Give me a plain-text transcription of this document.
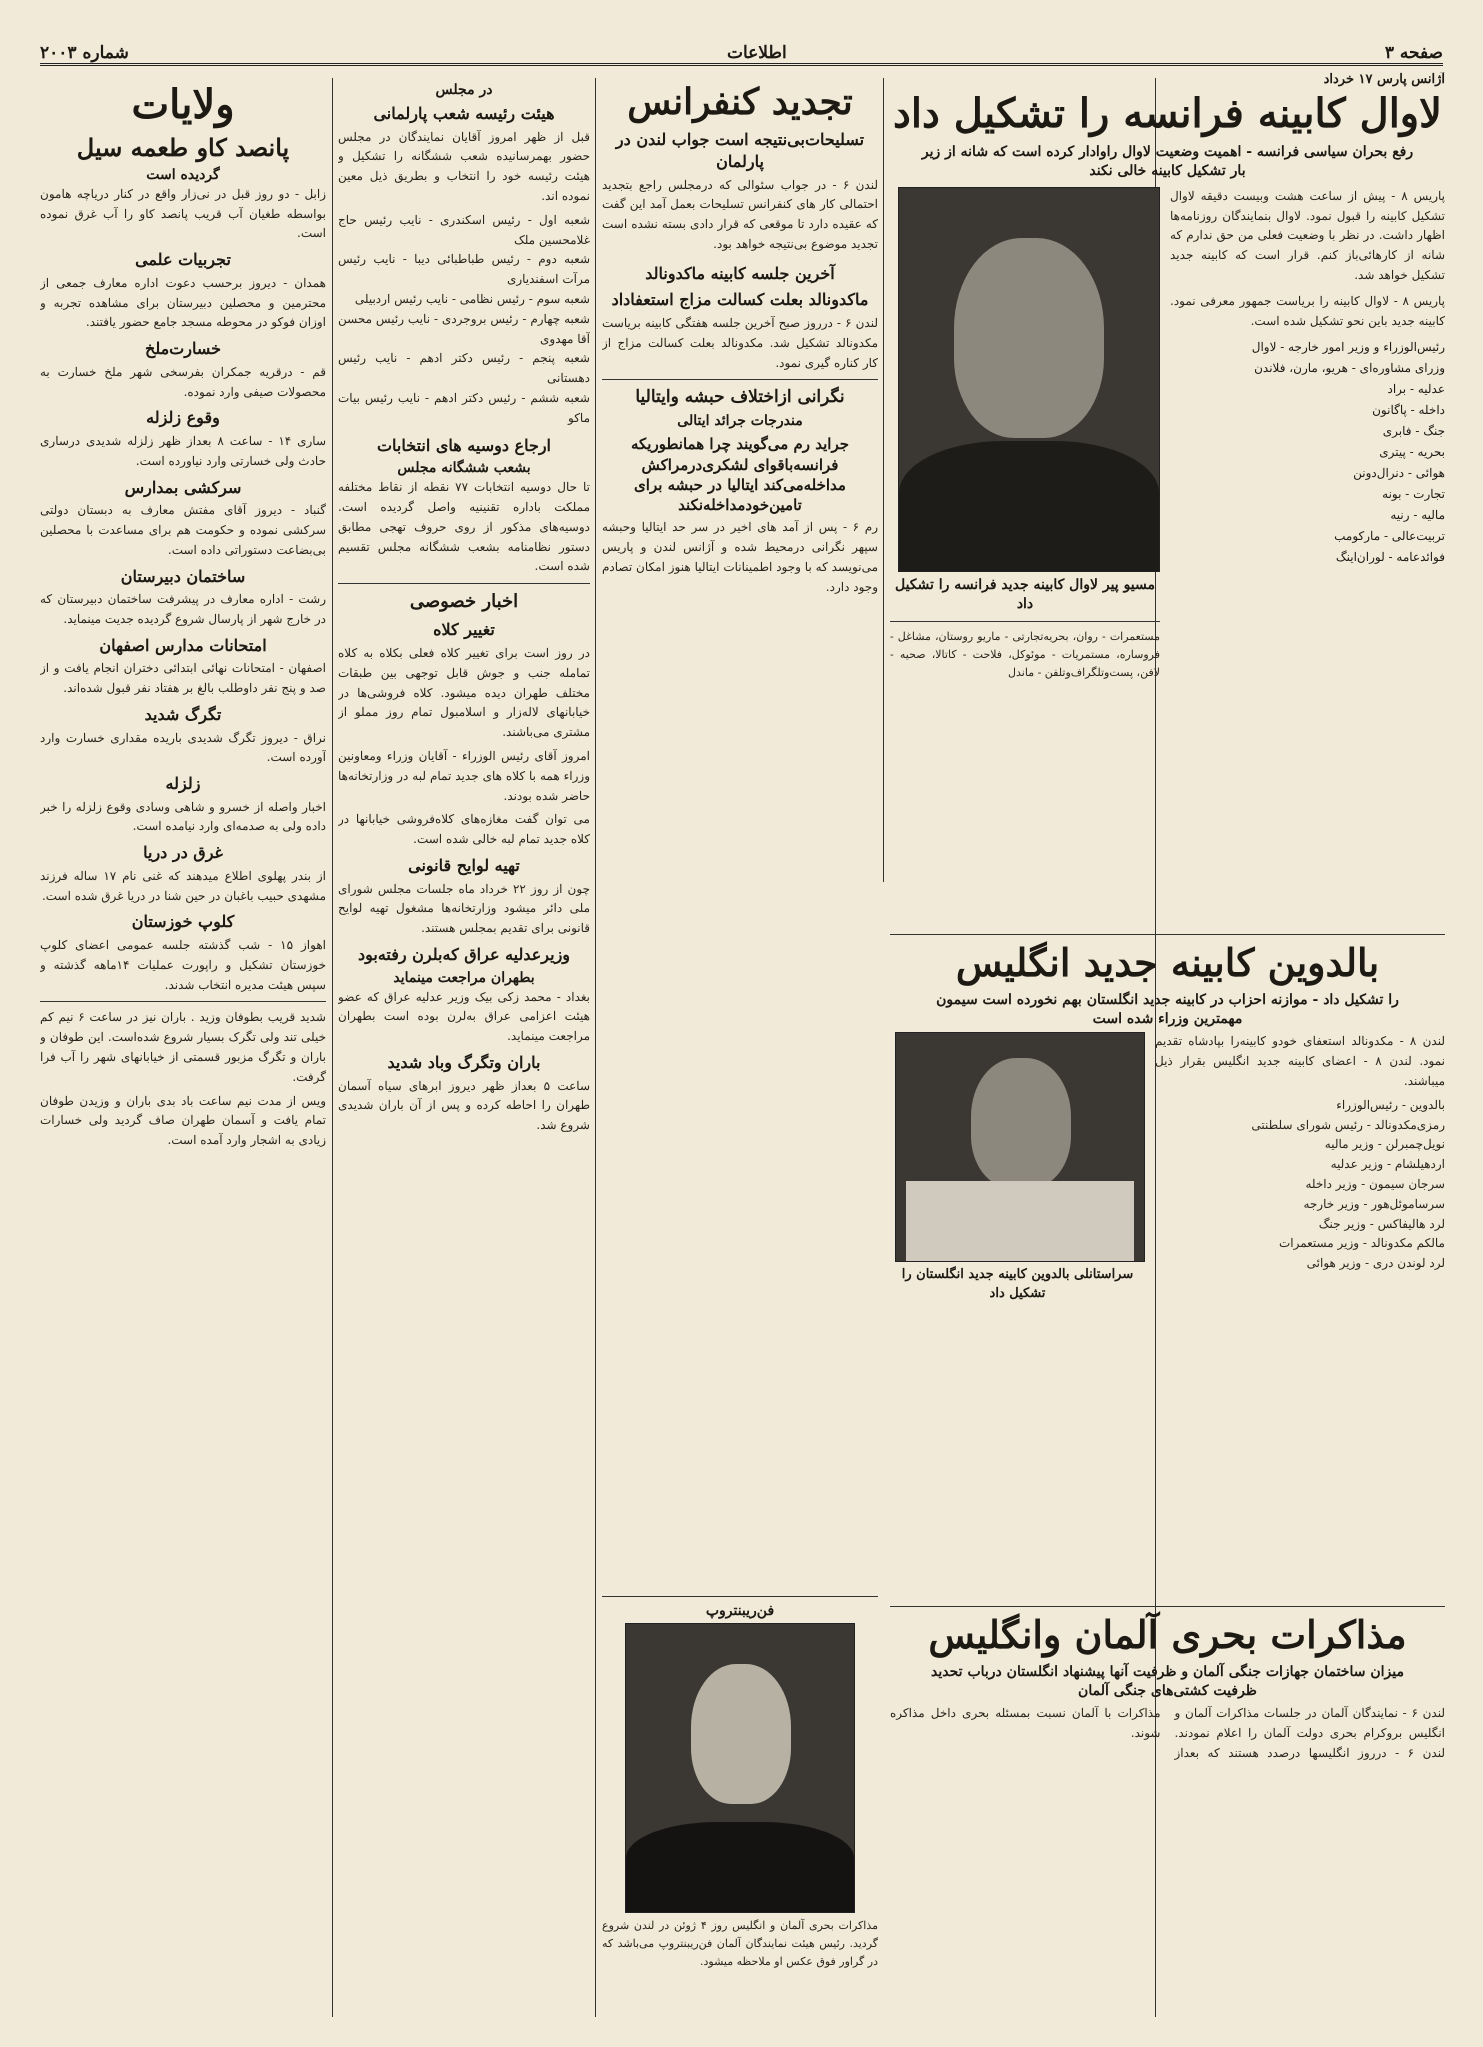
صفحه ۳
اطلاعات
شماره ۲۰۰۳
آژانس پارس ۱۷ خرداد
لاوال کابینه فرانسه را تشکیل داد
رفع بحران سیاسی فرانسه - اهمیت وضعیت لاوال راوادار کرده است که شانه از زیر بار تشکیل کابینه خالی نکند
پاریس ۸ - پیش از ساعت هشت وبیست دقیقه لاوال تشکیل کابینه را قبول نمود. لاوال بنمایندگان روزنامه‌ها اظهار داشت. در نظر با وضعیت فعلی من حق ندارم که شانه از کارهائی‌باز کنم. قرار است که کابینه جدید تشکیل خواهد شد.
پاریس ۸ - لاوال کابینه را بریاست جمهور معرفی نمود. کابینه جدید باین نحو تشکیل شده است.
رئیس‌الوزراء و وزیر امور خارجه - لاوال
وزرای مشاوره‌ای - هریو، مارن، فلاندن
عدلیه - براد
داخله - پاگانون
جنگ - فابری
بحریه - پیتری
هوائی - دنرال‌دونن
تجارت - بونه
مالیه - رنیه
تربیت‌عالی - مارکومب
فوائدعامه - لوران‌اینگ
مسیو پیر لاوال کابینه جدید فرانسه را تشکیل داد
مستعمرات - روان، بحریه‌تجارتی - ماریو روستان، مشاغل - فروساره، مستمریات - موئوکل، فلاحت - کاتالا، صحیه - لافن، پست‌وتلگراف‌وتلفن - ماندل
بالدوین کابینه جدید انگلیس
را تشکیل داد - موازنه احزاب در کابینه جدید انگلستان بهم نخورده است سیمون مهمترین وزراء شده است
لندن ۸ - مکدونالد استعفای خودو کابینه‌را بپادشاه تقدیم نمود. لندن ۸ - اعضای کابینه جدید انگلیس بقرار ذیل میباشند.
بالدوین - رئیس‌الوزراء
رمزی‌مکدونالد - رئیس شورای سلطنتی
نویل‌چمبرلن - وزیر مالیه
اردهیلشام - وزیر عدلیه
سرجان سیمون - وزیر داخله
سرساموئل‌هور - وزیر خارجه
لرد هالیفاکس - وزیر جنگ
مالکم مکدونالد - وزیر مستعمرات
لرد لوندن دری - وزیر هوائی
سراستانلی بالدوین کابینه جدید انگلستان را تشکیل داد
مذاکرات بحری آلمان وانگلیس
میزان ساختمان جهازات جنگی آلمان و ظرفیت آنها پیشنهاد انگلستان درباب تحدید ظرفیت کشتی‌های جنگی آلمان
لندن ۶ - نمایندگان آلمان در جلسات مذاکرات آلمان و انگلیس بروکرام بحری دولت آلمان را اعلام نمودند. لندن ۶ - درروز انگلیسها درصدد هستند که بعداز مذاکرات با آلمان نسبت بمسئله بحری داخل مذاکره شوند.
تجدید کنفرانس
تسلیحات‌بی‌نتیجه است جواب لندن در پارلمان
لندن ۶ - در جواب سئوالی که درمجلس راجع بتجدید احتمالی کار های کنفرانس تسلیحات بعمل آمد این گفت که عقیده دارد تا موقعی که قرار دادی بسته نشده است تجدید موضوع بی‌نتیجه خواهد بود.
آخرین جلسه کابینه ماکدونالد
ماکدونالد بعلت کسالت مزاج استعفاداد
لندن ۶ - درروز صبح آخرین جلسه هفتگی کابینه بریاست مکدونالد تشکیل شد. مکدونالد بعلت کسالت مزاج از کار کناره گیری نمود.
نگرانی ازاختلاف حبشه وایتالیا
مندرجات جرائد ایتالی
جراید رم می‌گویند چرا همانطوریکه فرانسه‌باقوای لشکری‌درمراکش مداخله‌می‌کند ایتالیا در حبشه برای تامین‌خودمداخله‌نکند
رم ۶ - پس از آمد های اخیر در سر حد ایتالیا وحبشه سپهر نگرانی درمحیط شده و آژانس لندن و پاریس می‌نویسد که با وجود اطمینانات ایتالیا هنوز امکان تصادم وجود دارد.
فن‌ریبنتروپ
مذاکرات بحری آلمان و انگلیس روز ۴ ژوئن در لندن شروع گردید. رئیس هیئت نمایندگان آلمان فن‌ریبنتروپ می‌باشد که در گراور فوق عکس او ملاحظه میشود.
در مجلس
هیئت رئیسه شعب پارلمانی
قبل از ظهر امروز آقایان نمایندگان در مجلس حضور بهمرسانیده شعب ششگانه را تشکیل و هیئت رئیسه خود را انتخاب و بطریق ذیل معین نموده اند.
شعبه اول - رئیس اسکندری - نایب رئیس حاج غلامحسین ملک
شعبه دوم - رئیس طباطبائی دیبا - نایب رئیس مرآت اسفندیاری
شعبه سوم - رئیس نظامی - نایب رئیس اردبیلی
شعبه چهارم - رئیس بروجردی - نایب رئیس محسن آقا مهدوی
شعبه پنجم - رئیس دکتر ادهم - نایب رئیس دهستانی
شعبه ششم - رئیس دکتر ادهم - نایب رئیس بیات ماکو
ارجاع دوسیه های انتخابات
بشعب ششگانه مجلس
تا حال دوسیه انتخابات ۷۷ نقطه از نقاط مختلفه مملکت باداره تقنینیه واصل گردیده است. دوسیه‌های مذکور از روی حروف تهجی مطابق دستور نظامنامه بشعب ششگانه مجلس تقسیم شده است.
اخبار خصوصی
تغییر کلاه
در روز است برای تغییر کلاه فعلی بکلاه به کلاه تمامله جنب و جوش قابل توجهی بین طبقات مختلف طهران دیده میشود. کلاه فروشی‌ها در خیابانهای لاله‌زار و اسلامبول تمام روز مملو از مشتری می‌باشند.
امروز آقای رئیس الوزراء - آقایان وزراء ومعاونین وزراء همه با کلاه های جدید تمام لبه در وزارتخانه‌ها حاضر شده بودند.
می توان گفت مغازه‌های کلاه‌فروشی خیابانها در کلاه جدید تمام لبه خالی شده است.
تهیه لوایح قانونی
چون از روز ۲۲ خرداد ماه جلسات مجلس شورای ملی دائر میشود وزارتخانه‌ها مشغول تهیه لوایح قانونی برای تقدیم بمجلس هستند.
وزیرعدلیه عراق که‌بلرن رفته‌بود
بطهران مراجعت مینماید
بغداد - محمد زکی بیک وزیر عدلیه عراق که عضو هیئت اعزامی عراق به‌لرن بوده است بطهران مراجعت مینماید.
باران وتگرگ وباد شدید
ساعت ۵ بعداز ظهر دیروز ابرهای سیاه آسمان طهران را احاطه کرده و پس از آن باران شدیدی شروع شد.
ولایات
پانصد کاو طعمه سیل
گردیده است
زابل - دو روز قبل در نی‌زار واقع در کنار دریاچه هامون بواسطه طغیان آب قریب پانصد کاو را آب غرق نموده است.
تجربیات علمی
همدان - دیروز برحسب دعوت اداره معارف جمعی از محترمین و محصلین دبیرستان برای مشاهده تجربه و اوزان فوکو در محوطه مسجد جامع حضور یافتند.
خسارت‌ملخ
قم - درقریه جمکران بفرسخی شهر ملخ خسارت به محصولات صیفی وارد نموده.
وقوع زلزله
ساری ۱۴ - ساعت ۸ بعداز ظهر زلزله شدیدی درساری حادث ولی خسارتی وارد نیاورده است.
سرکشی بمدارس
گنباد - دیروز آقای مفتش معارف به دبستان دولتی سرکشی نموده و حکومت هم برای مساعدت با محصلین بی‌بضاعت دستوراتی داده است.
ساختمان دبیرستان
رشت - اداره معارف در پیشرفت ساختمان دبیرستان که در خارج شهر از پارسال شروع گردیده جدیت مینماید.
امتحانات مدارس اصفهان
اصفهان - امتحانات نهائی ابتدائی دختران انجام یافت و از صد و پنج نفر داوطلب بالغ بر هفتاد نفر قبول شده‌اند.
تگرگ شدید
نراق - دیروز تگرگ شدیدی باریده مقداری خسارت وارد آورده است.
زلزله
اخبار واصله از خسرو و شاهی وسادی وقوع زلزله را خبر داده ولی به صدمه‌ای وارد نیامده است.
غرق در دریا
از بندر پهلوی اطلاع میدهند که غنی نام ۱۷ ساله فرزند مشهدی حبیب باغبان در حین شنا در دریا غرق شده است.
کلوپ خوزستان
اهواز ۱۵ - شب گذشته جلسه عمومی اعضای کلوپ خوزستان تشکیل و راپورت عملیات ۱۴ماهه گذشته و سپس هیئت مدیره انتخاب شدند.
شدید قریب بطوفان وزید . باران نیز در ساعت ۶ نیم کم خیلی تند ولی تگرک بسیار شروع شده‌است. این طوفان و باران و تگرگ مزبور قسمتی از خیابانهای شهر را آب فرا گرفت.
ویس از مدت نیم ساعت باد بدی باران و وزیدن طوفان تمام یافت و آسمان طهران صاف گردید ولی خسارات زیادی به اشجار وارد آمده است.
